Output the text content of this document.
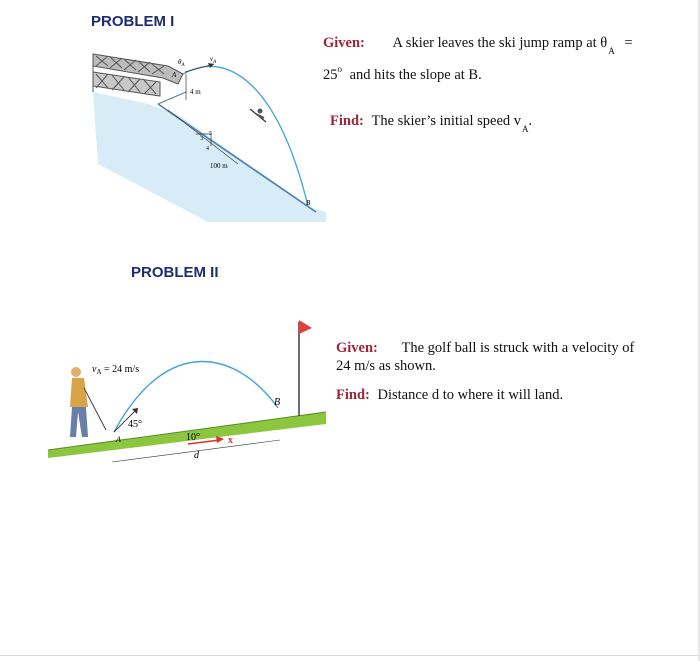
PROBLEM I
4 m
$\theta_A$
A
$v_A$
3
4
5
100 m
B
Given: A skier leaves the ski jump ramp at $\theta_A$ =
$25^o$ and hits the slope at B.
Find: The skier’s initial speed $v_A$.
PROBLEM II
B
$v_A = 24$ m/s
45°
A	10°	x
d
Given: The golf ball is struck with a velocity of
24 m/s as shown.
Find: Distance d to where it will land.
